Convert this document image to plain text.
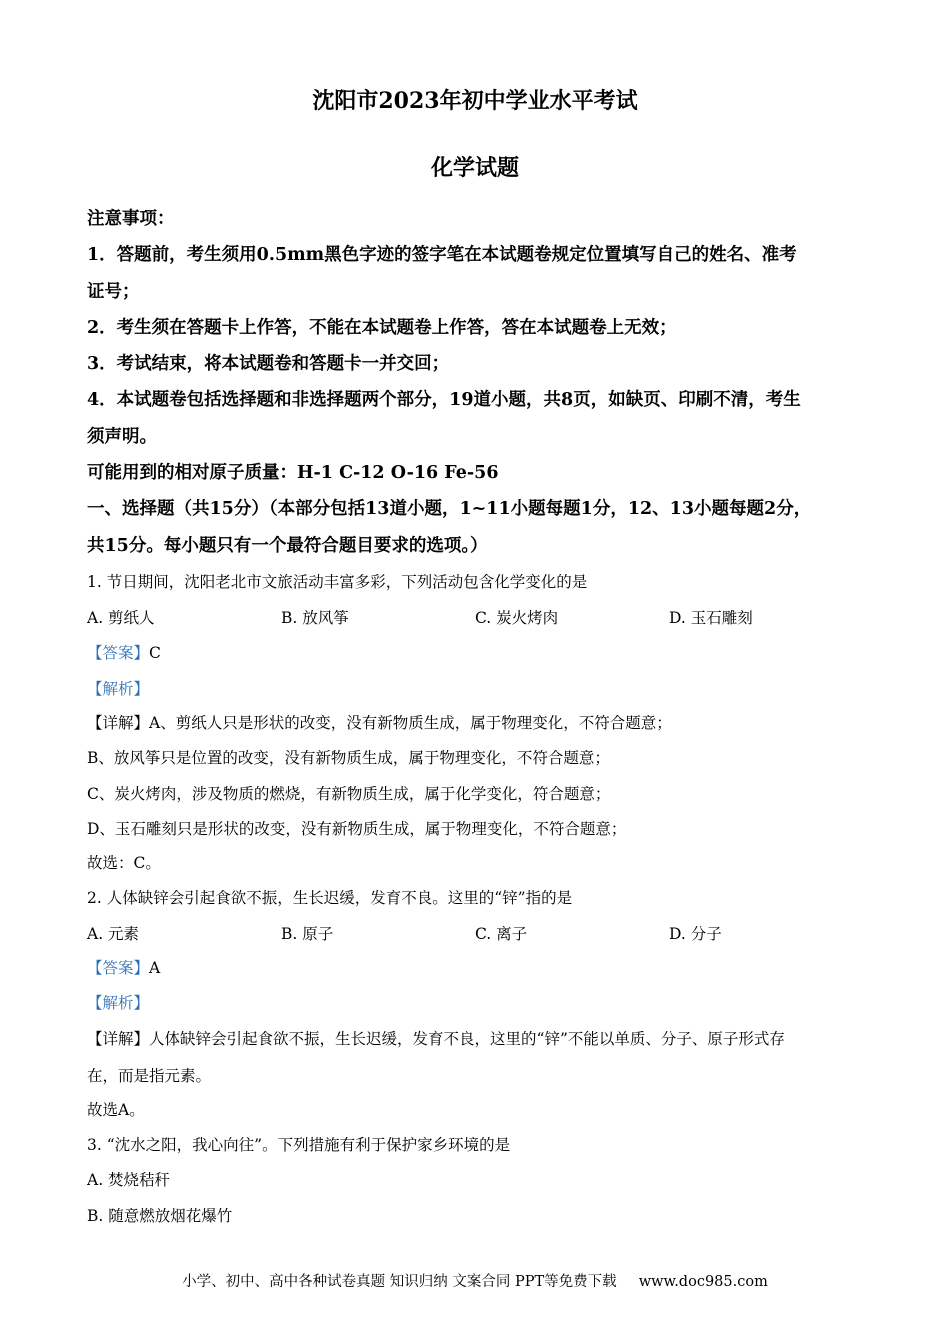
沈阳市2023年初中学业水平考试
化学试题
注意事项：
1．答题前，考生须用0.5mm黑色字迹的签字笔在本试题卷规定位置填写自己的姓名、准考
证号；
2．考生须在答题卡上作答，不能在本试题卷上作答，答在本试题卷上无效；
3．考试结束，将本试题卷和答题卡一并交回；
4．本试题卷包括选择题和非选择题两个部分，19道小题，共8页，如缺页、印刷不清，考生
须声明。
可能用到的相对原子质量：H-1 C-12 O-16 Fe-56
一、选择题（共15分）（本部分包括13道小题，1~11小题每题1分，12、13小题每题2分，
共15分。每小题只有一个最符合题目要求的选项。）
1. 节日期间，沈阳老北市文旅活动丰富多彩，下列活动包含化学变化的是
A. 剪纸人	B. 放风筝	C. 炭火烤肉	D. 玉石雕刻
【答案】C
【解析】
【详解】A、剪纸人只是形状的改变，没有新物质生成，属于物理变化，不符合题意；
B、放风筝只是位置的改变，没有新物质生成，属于物理变化，不符合题意；
C、炭火烤肉，涉及物质的燃烧，有新物质生成，属于化学变化，符合题意；
D、玉石雕刻只是形状的改变，没有新物质生成，属于物理变化，不符合题意；
故选：C。
2. 人体缺锌会引起食欲不振，生长迟缓，发育不良。这里的“锌”指的是
A. 元素	B. 原子	C. 离子	D. 分子
【答案】A
【解析】
【详解】人体缺锌会引起食欲不振，生长迟缓，发育不良，这里的“锌”不能以单质、分子、原子形式存
在，而是指元素。
故选A。
3. “沈水之阳，我心向往”。下列措施有利于保护家乡环境的是
A. 焚烧秸秆
B. 随意燃放烟花爆竹
小学、初中、高中各种试卷真题 知识归纳 文案合同 PPT等免费下载 www.doc985.com
